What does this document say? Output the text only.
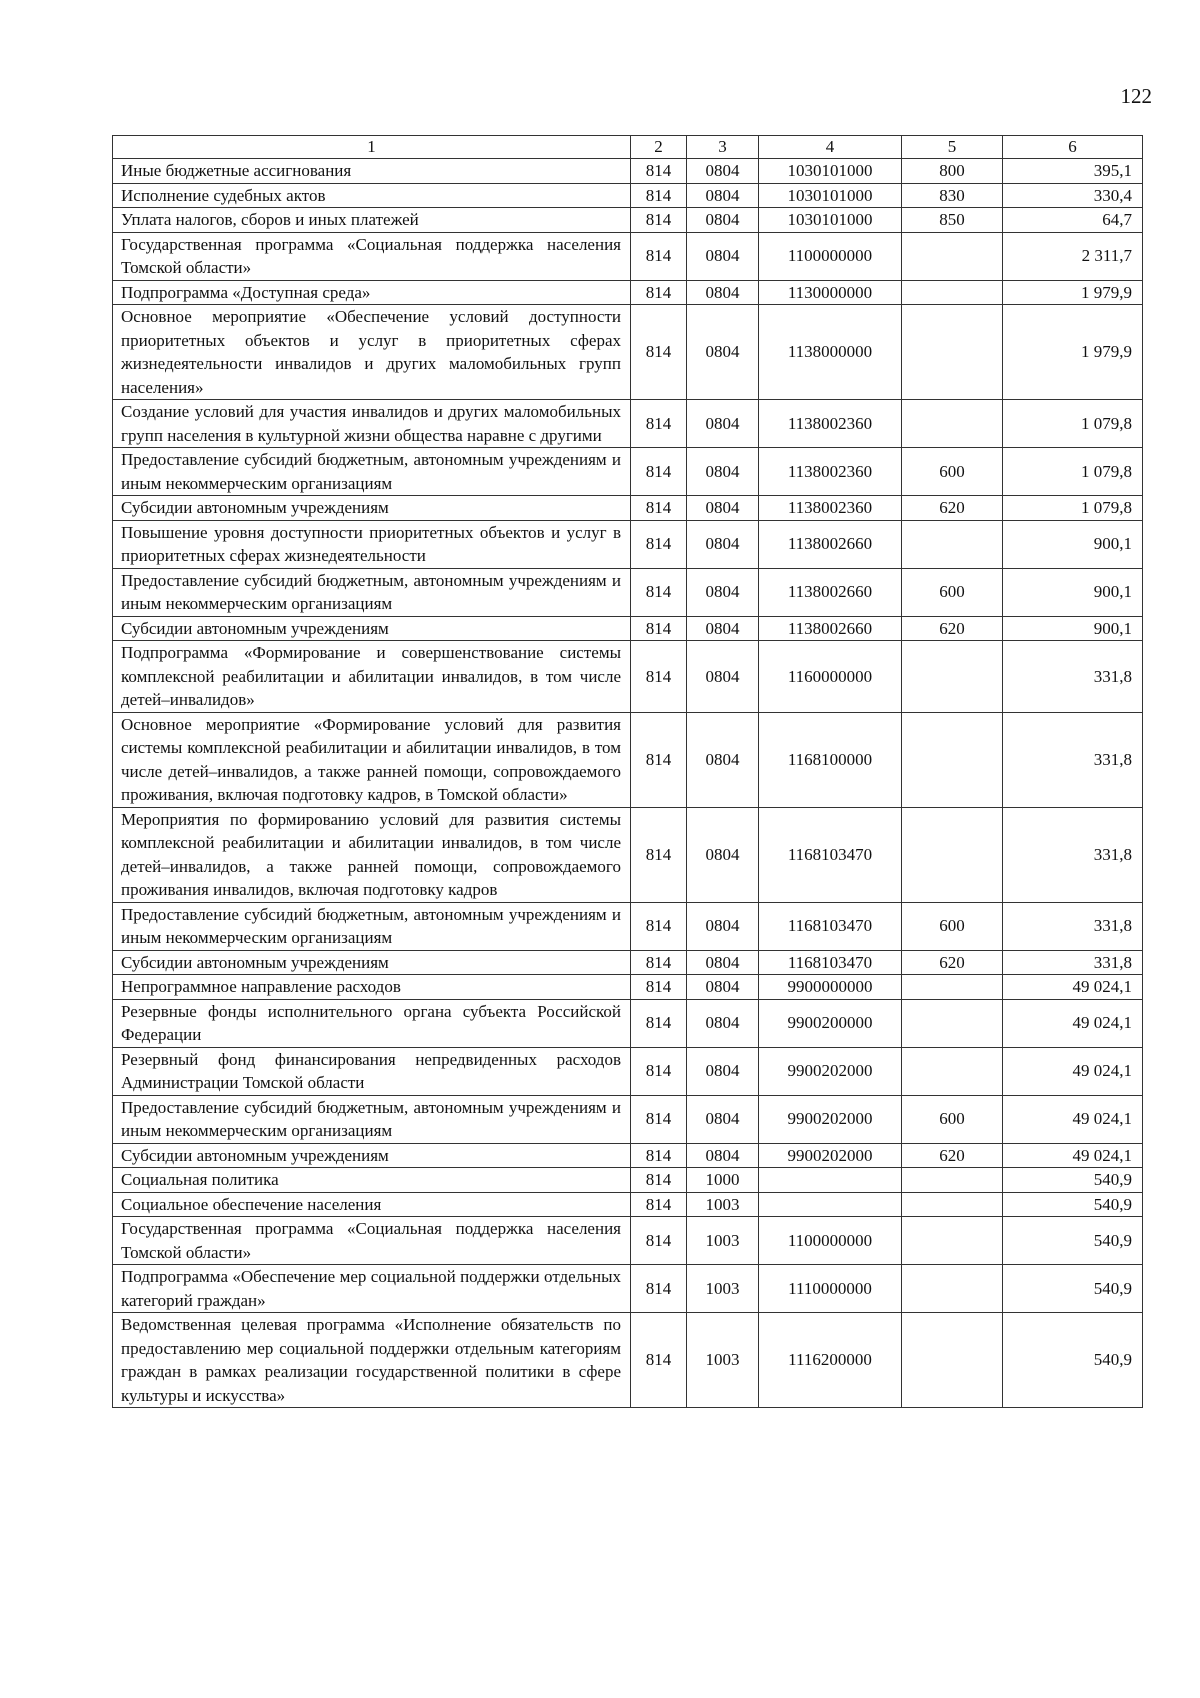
122
1	2	3	4	5	6
Иные бюджетные ассигнования	814	0804	1030101000	800	395,1
Исполнение судебных актов	814	0804	1030101000	830	330,4
Уплата налогов, сборов и иных платежей	814	0804	1030101000	850	64,7
Государственная программа «Социальная поддержка населения Томской области»	814	0804	1100000000		2 311,7
Подпрограмма «Доступная среда»	814	0804	1130000000		1 979,9
Основное мероприятие «Обеспечение условий доступности приоритетных объектов и услуг в приоритетных сферах жизнедеятельности инвалидов и других маломобильных групп населения»	814	0804	1138000000		1 979,9
Создание условий для участия инвалидов и других маломобильных групп населения в культурной жизни общества наравне с другими	814	0804	1138002360		1 079,8
Предоставление субсидий бюджетным, автономным учреждениям и иным некоммерческим организациям	814	0804	1138002360	600	1 079,8
Субсидии автономным учреждениям	814	0804	1138002360	620	1 079,8
Повышение уровня доступности приоритетных объектов и услуг в приоритетных сферах жизнедеятельности	814	0804	1138002660		900,1
Предоставление субсидий бюджетным, автономным учреждениям и иным некоммерческим организациям	814	0804	1138002660	600	900,1
Субсидии автономным учреждениям	814	0804	1138002660	620	900,1
Подпрограмма «Формирование и совершенствование системы комплексной реабилитации и абилитации инвалидов, в том числе детей–инвалидов»	814	0804	1160000000		331,8
Основное мероприятие «Формирование условий для развития системы комплексной реабилитации и абилитации инвалидов, в том числе детей–инвалидов, а также ранней помощи, сопровождаемого проживания, включая подготовку кадров, в Томской области»	814	0804	1168100000		331,8
Мероприятия по формированию условий для развития системы комплексной реабилитации и абилитации инвалидов, в том числе детей–инвалидов, а также ранней помощи, сопровождаемого проживания инвалидов, включая подготовку кадров	814	0804	1168103470		331,8
Предоставление субсидий бюджетным, автономным учреждениям и иным некоммерческим организациям	814	0804	1168103470	600	331,8
Субсидии автономным учреждениям	814	0804	1168103470	620	331,8
Непрограммное направление расходов	814	0804	9900000000		49 024,1
Резервные фонды исполнительного органа субъекта Российской Федерации	814	0804	9900200000		49 024,1
Резервный фонд финансирования непредвиденных расходов Администрации Томской области	814	0804	9900202000		49 024,1
Предоставление субсидий бюджетным, автономным учреждениям и иным некоммерческим организациям	814	0804	9900202000	600	49 024,1
Субсидии автономным учреждениям	814	0804	9900202000	620	49 024,1
Социальная политика	814	1000			540,9
Социальное обеспечение населения	814	1003			540,9
Государственная программа «Социальная поддержка населения Томской области»	814	1003	1100000000		540,9
Подпрограмма «Обеспечение мер социальной поддержки отдельных категорий граждан»	814	1003	1110000000		540,9
Ведомственная целевая программа «Исполнение обязательств по предоставлению мер социальной поддержки отдельным категориям граждан в рамках реализации государственной политики в сфере культуры и искусства»	814	1003	1116200000		540,9
